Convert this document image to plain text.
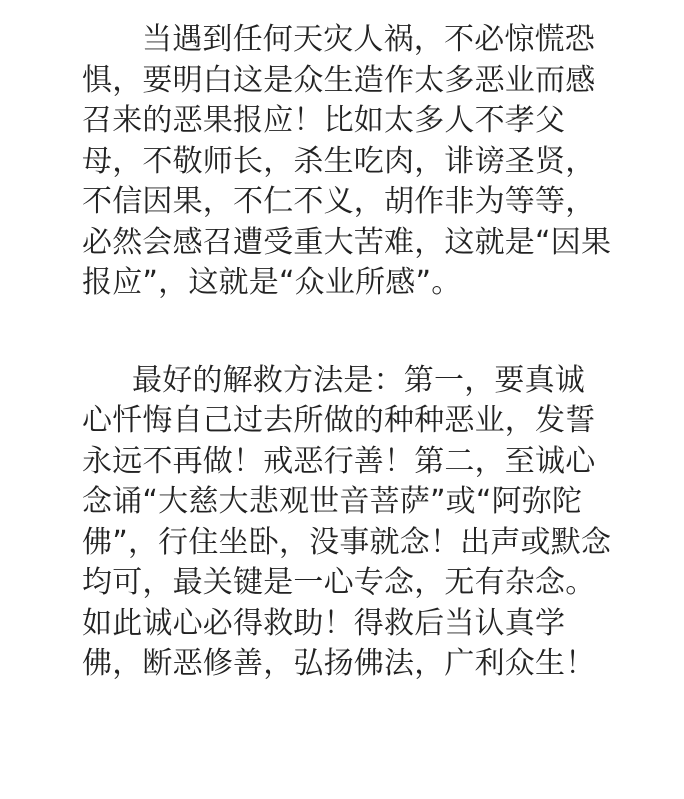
当遇到任何天灾人祸，不必惊慌恐
惧，要明白这是众生造作太多恶业而感
召来的恶果报应！比如太多人不孝父
母，不敬师长，杀生吃肉，诽谤圣贤，
不信因果，不仁不义，胡作非为等等，
必然会感召遭受重大苦难，这就是“因果
报应”，这就是“众业所感”。
最好的解救方法是：第一，要真诚
心忏悔自己过去所做的种种恶业，发誓
永远不再做！戒恶行善！第二，至诚心
念诵“大慈大悲观世音菩萨”或“阿弥陀
佛”，行住坐卧，没事就念！出声或默念
均可，最关键是一心专念，无有杂念。
如此诚心必得救助！得救后当认真学
佛，断恶修善，弘扬佛法，广利众生！
